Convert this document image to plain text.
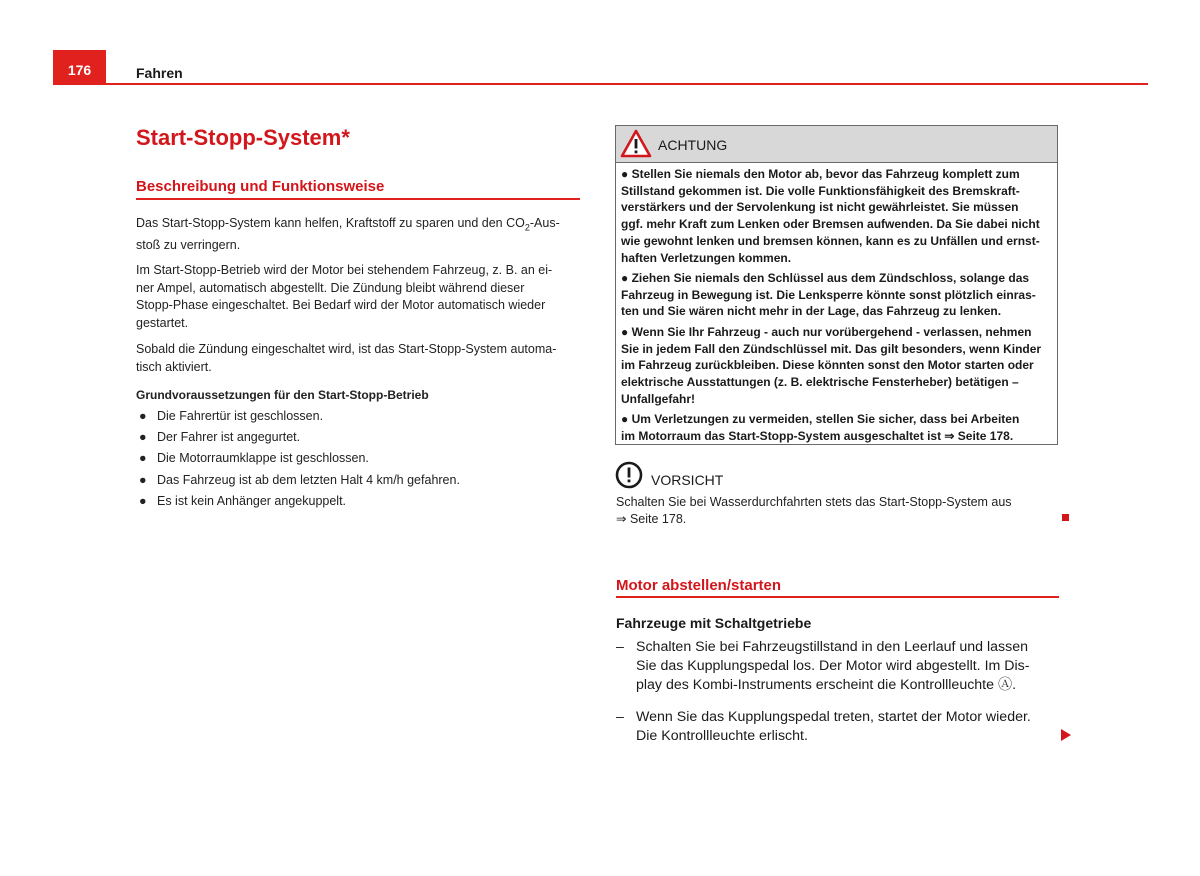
176	Fahren
Start-Stopp-System*
Beschreibung und Funktionsweise
Das Start-Stopp-System kann helfen, Kraftstoff zu sparen und den $CO_2-Aus-$
stoß zu verringern.
Im Start-Stopp-Betrieb wird der Motor bei stehendem Fahrzeug, z. B. an ei-
ner Ampel, automatisch abgestellt. Die Zündung bleibt während dieser
Stopp-Phase eingeschaltet. Bei Bedarf wird der Motor automatisch wieder
gestartet.
Sobald die Zündung eingeschaltet wird, ist das Start-Stopp-System automa-
tisch aktiviert.
Grundvoraussetzungen für den Start-Stopp-Betrieb
● Die Fahrertür ist geschlossen.
● Der Fahrer ist angegurtet.
● Die Motorraumklappe ist geschlossen.
● Das Fahrzeug ist ab dem letzten Halt 4 km/h gefahren.
● Es ist kein Anhänger angekuppelt.
ACHTUNG
● Stellen Sie niemals den Motor ab, bevor das Fahrzeug komplett zum
Stillstand gekommen ist. Die volle Funktionsfähigkeit des Bremskraft-
verstärkers und der Servolenkung ist nicht gewährleistet. Sie müssen
ggf. mehr Kraft zum Lenken oder Bremsen aufwenden. Da Sie dabei nicht
wie gewohnt lenken und bremsen können, kann es zu Unfällen und ernst-
haften Verletzungen kommen.
● Ziehen Sie niemals den Schlüssel aus dem Zündschloss, solange das
Fahrzeug in Bewegung ist. Die Lenksperre könnte sonst plötzlich einras-
ten und Sie wären nicht mehr in der Lage, das Fahrzeug zu lenken.
● Wenn Sie Ihr Fahrzeug - auch nur vorübergehend - verlassen, nehmen
Sie in jedem Fall den Zündschlüssel mit. Das gilt besonders, wenn Kinder
im Fahrzeug zurückbleiben. Diese könnten sonst den Motor starten oder
elektrische Ausstattungen (z. B. elektrische Fensterheber) betätigen –
Unfallgefahr!
● Um Verletzungen zu vermeiden, stellen Sie sicher, dass bei Arbeiten
im Motorraum das Start-Stopp-System ausgeschaltet ist ⇒ Seite 178.
VORSICHT
Schalten Sie bei Wasserdurchfahrten stets das Start-Stopp-System aus
⇒ Seite 178.
Motor abstellen/starten
Fahrzeuge mit Schaltgetriebe
– Schalten Sie bei Fahrzeugstillstand in den Leerlauf und lassen
Sie das Kupplungspedal los. Der Motor wird abgestellt. Im Dis-
play des Kombi-Instruments erscheint die Kontrollleuchte Ⓐ.
– Wenn Sie das Kupplungspedal treten, startet der Motor wieder.
Die Kontrollleuchte erlischt.
